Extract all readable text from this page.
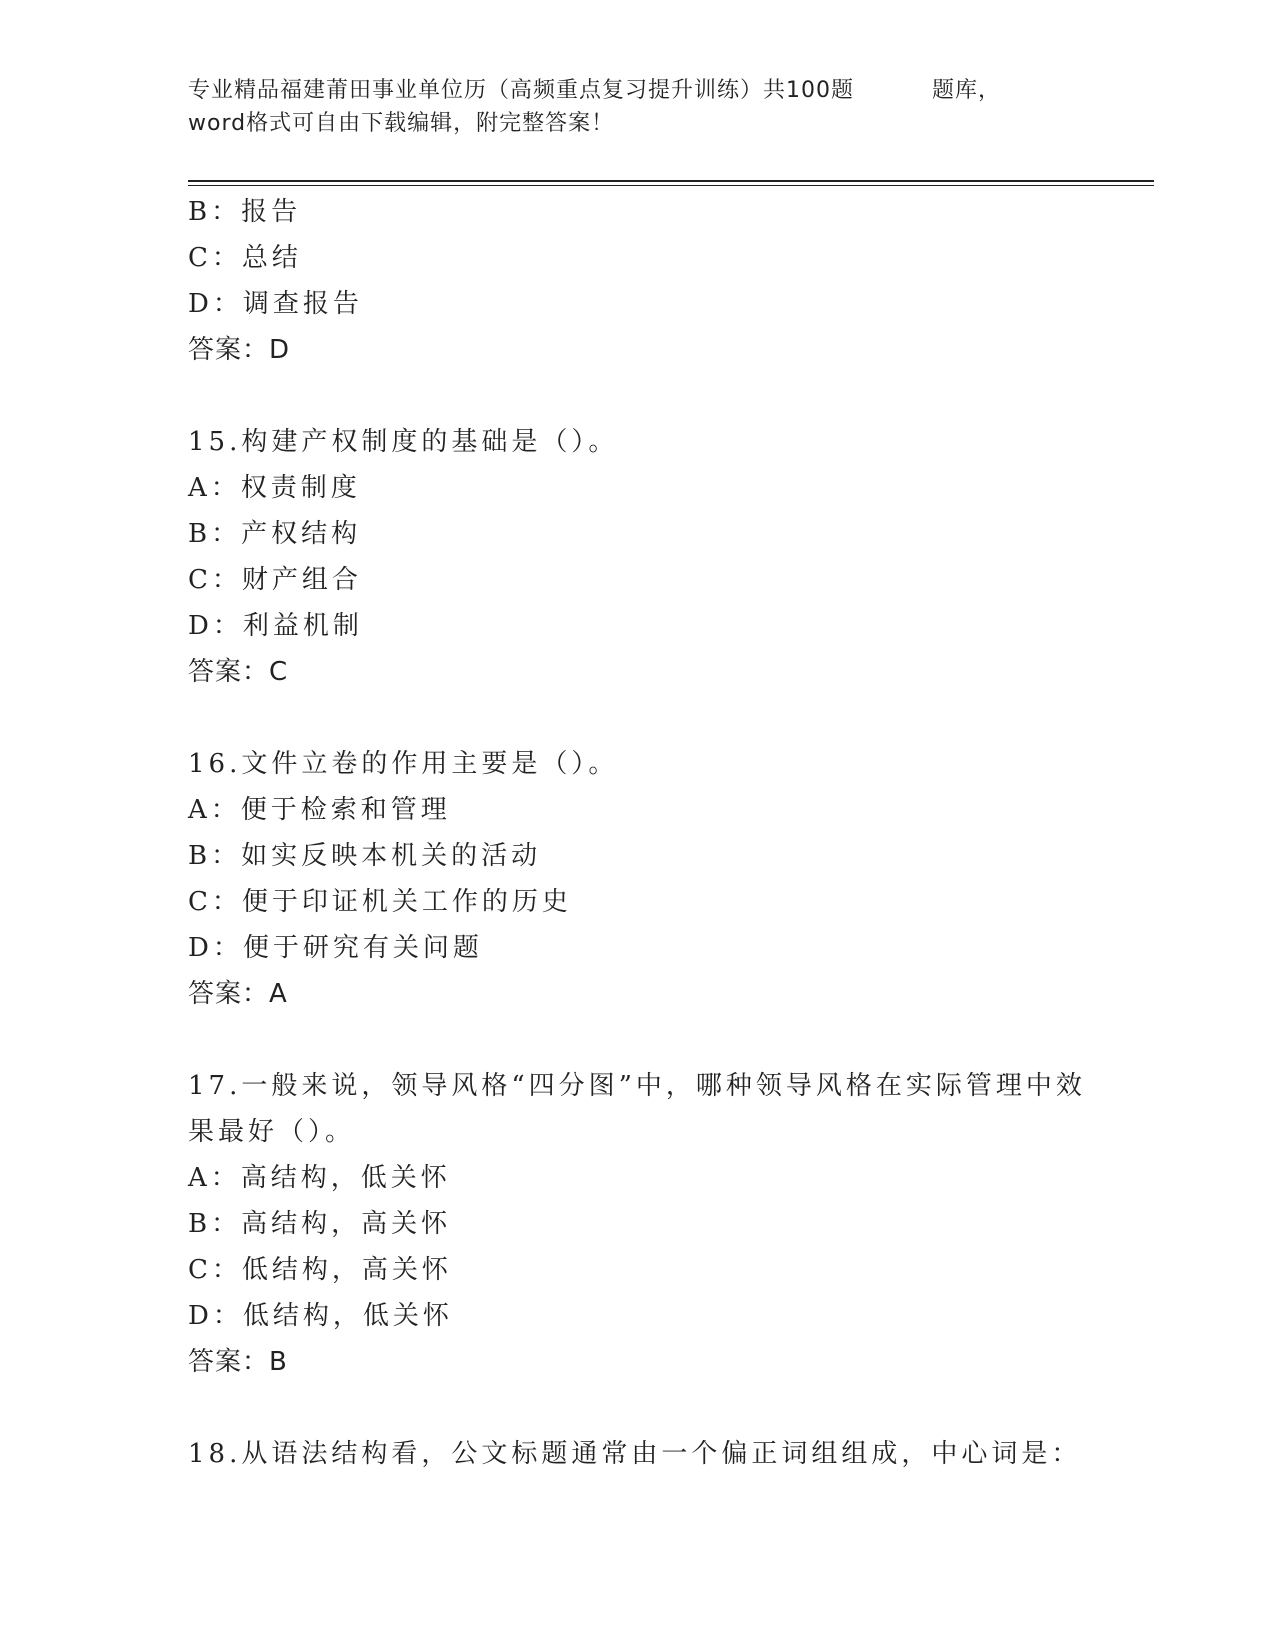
专业精品福建莆田事业单位历（高频重点复习提升训练）共100题	题库，
word格式可自由下载编辑，附完整答案！
B：报告
C：总结
D：调查报告
答案：D
15.构建产权制度的基础是（）。
A：权责制度
B：产权结构
C：财产组合
D：利益机制
答案：C
16.文件立卷的作用主要是（）。
A：便于检索和管理
B：如实反映本机关的活动
C：便于印证机关工作的历史
D：便于研究有关问题
答案：A
17.一般来说，领导风格“四分图”中，哪种领导风格在实际管理中效
果最好（）。
A：高结构，低关怀
B：高结构，高关怀
C：低结构，高关怀
D：低结构，低关怀
答案：B
18.从语法结构看，公文标题通常由一个偏正词组组成，中心词是：
